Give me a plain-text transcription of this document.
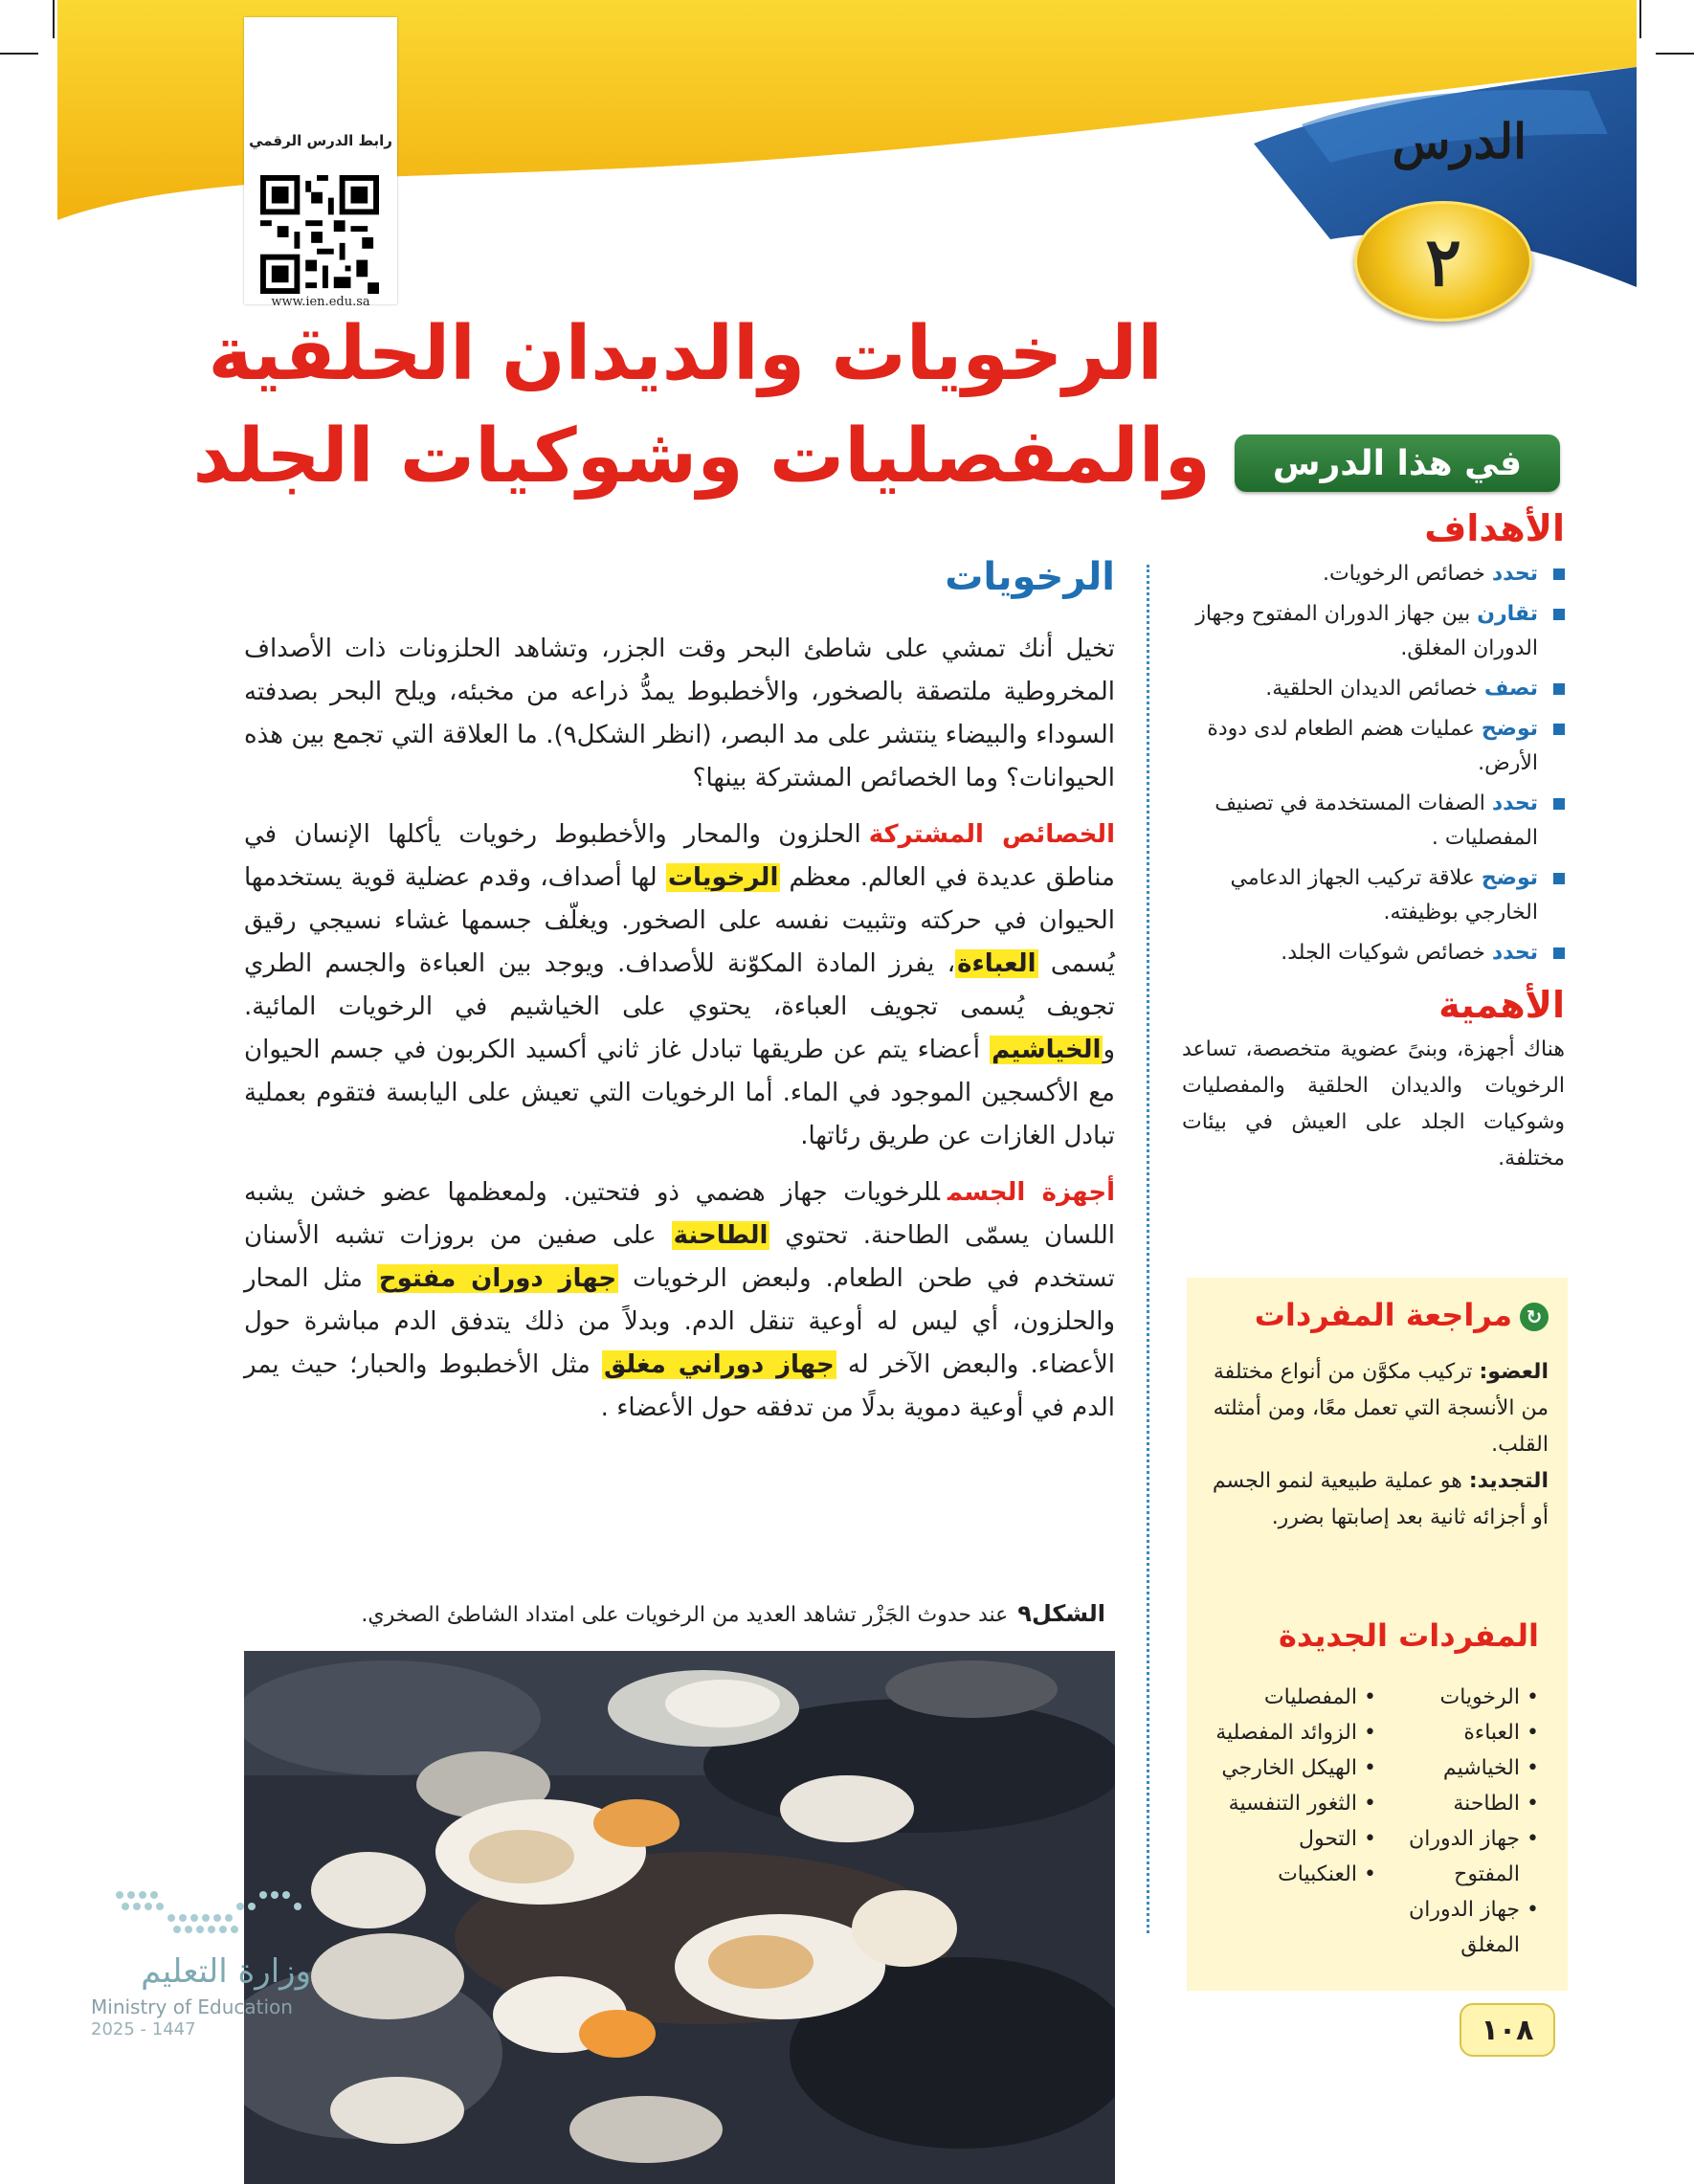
رابط الدرس الرقمي
www.ien.edu.sa
الدرس
٢
الرخويات والديدان الحلقية
والمفصليات وشوكيات الجلد	في هذا الدرس
الأهداف
تحدد خصائص الرخويات.
تقارن بين جهاز الدوران المفتوح وجهاز الدوران المغلق.
تصف خصائص الديدان الحلقية.
توضح عمليات هضم الطعام لدى دودة الأرض.
تحدد الصفات المستخدمة في تصنيف المفصليات .
توضح علاقة تركيب الجهاز الدعامي الخارجي بوظيفته.
تحدد خصائص شوكيات الجلد.
الأهمية

هناك أجهزة، وبنىً عضوية متخصصة، تساعد الرخويات والديدان الحلقية والمفصليات وشوكيات الجلد على العيش في بيئات مختلفة.

↻مراجعة المفردات
العضو: تركيب مكوَّن من أنواع مختلفة من الأنسجة التي تعمل معًا، ومن أمثلته القلب.
التجديد: هو عملية طبيعية لنمو الجسم أو أجزائه ثانية بعد إصابتها بضرر.
المفردات الجديدة
• الرخويات
• العباءة
• الخياشيم
• الطاحنة
• جهاز الدوران المفتوح
• جهاز الدوران المغلق
• المفصليات
• الزوائد المفصلية
• الهيكل الخارجي
• الثغور التنفسية
• التحول
• العنكبيات
الرخويات

تخيل أنك تمشي على شاطئ البحر وقت الجزر، وتشاهد الحلزونات ذات الأصداف المخروطية ملتصقة بالصخور، والأخطبوط يمدُّ ذراعه من مخبئه، ويلح البحر بصدفته السوداء والبيضاء ينتشر على مد البصر، (انظر الشكل٩). ما العلاقة التي تجمع بين هذه الحيوانات؟ وما الخصائص المشتركة بينها؟

الخصائص المشتركةالحلزون والمحار والأخطبوط رخويات يأكلها الإنسان في مناطق عديدة في العالم. معظم الرخويات لها أصداف، وقدم عضلية قوية يستخدمها الحيوان في حركته وتثبيت نفسه على الصخور. ويغلّف جسمها غشاء نسيجي رقيق يُسمى العباءة، يفرز المادة المكوّنة للأصداف. ويوجد بين العباءة والجسم الطري تجويف يُسمى تجويف العباءة، يحتوي على الخياشيم في الرخويات المائية. والخياشيم أعضاء يتم عن طريقها تبادل غاز ثاني أكسيد الكربون في جسم الحيوان مع الأكسجين الموجود في الماء. أما الرخويات التي تعيش على اليابسة فتقوم بعملية تبادل الغازات عن طريق رئاتها.

أجهزة الجسمللرخويات جهاز هضمي ذو فتحتين. ولمعظمها عضو خشن يشبه اللسان يسمّى الطاحنة. تحتوي الطاحنة على صفين من بروزات تشبه الأسنان تستخدم في طحن الطعام. ولبعض الرخويات جهاز دوران مفتوح مثل المحار والحلزون، أي ليس له أوعية تنقل الدم. وبدلاً من ذلك يتدفق الدم مباشرة حول الأعضاء. والبعض الآخر له جهاز دوراني مغلق مثل الأخطبوط والحبار؛ حيث يمر الدم في أوعية دموية بدلًا من تدفقه حول الأعضاء .

الشكل٩عند حدوث الجَزْر تشاهد العديد من الرخويات على امتداد الشاطئ الصخري.
وزارة التعليم
Ministry of Education
2025 - 1447	١٠٨
